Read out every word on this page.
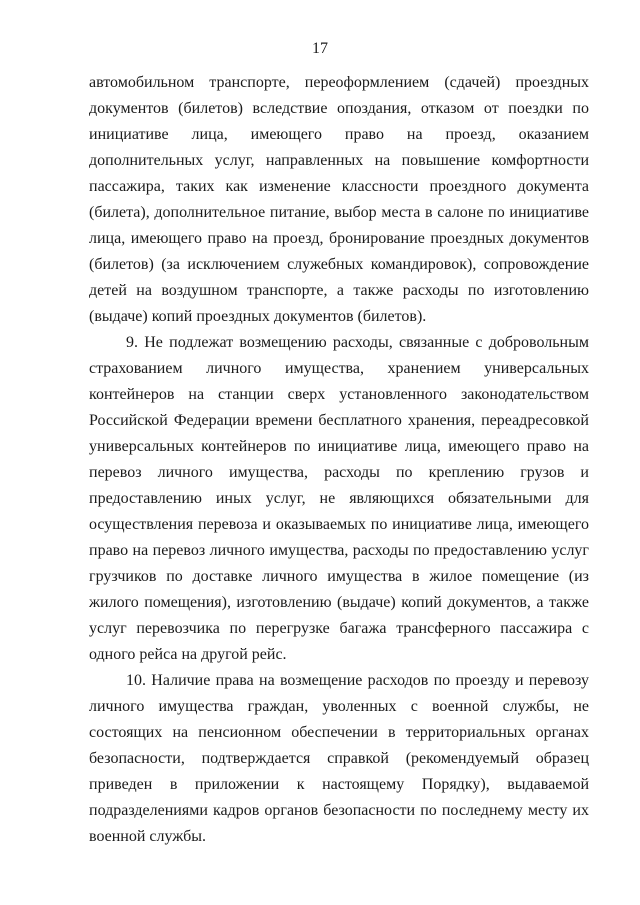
17

автомобильном транспорте, переоформлением (сдачей) проездных документов (билетов) вследствие опоздания, отказом от поездки по инициативе лица, имеющего право на проезд, оказанием дополнительных услуг, направленных на повышение комфортности пассажира, таких как изменение классности проездного документа (билета), дополнительное питание, выбор места в салоне по инициативе лица, имеющего право на проезд, бронирование проездных документов (билетов) (за исключением служебных командировок), сопровождение детей на воздушном транспорте, а также расходы по изготовлению (выдаче) копий проездных документов (билетов).

9. Не подлежат возмещению расходы, связанные с добровольным страхованием личного имущества, хранением универсальных контейнеров на станции сверх установленного законодательством Российской Федерации времени бесплатного хранения, переадресовкой универсальных контейнеров по инициативе лица, имеющего право на перевоз личного имущества, расходы по креплению грузов и предоставлению иных услуг, не являющихся обязательными для осуществления перевоза и оказываемых по инициативе лица, имеющего право на перевоз личного имущества, расходы по предоставлению услуг грузчиков по доставке личного имущества в жилое помещение (из жилого помещения), изготовлению (выдаче) копий документов, а также услуг перевозчика по перегрузке багажа трансферного пассажира с одного рейса на другой рейс.

10. Наличие права на возмещение расходов по проезду и перевозу личного имущества граждан, уволенных с военной службы, не состоящих на пенсионном обеспечении в территориальных органах безопасности, подтверждается справкой (рекомендуемый образец приведен в приложении к настоящему Порядку), выдаваемой подразделениями кадров органов безопасности по последнему месту их военной службы.
